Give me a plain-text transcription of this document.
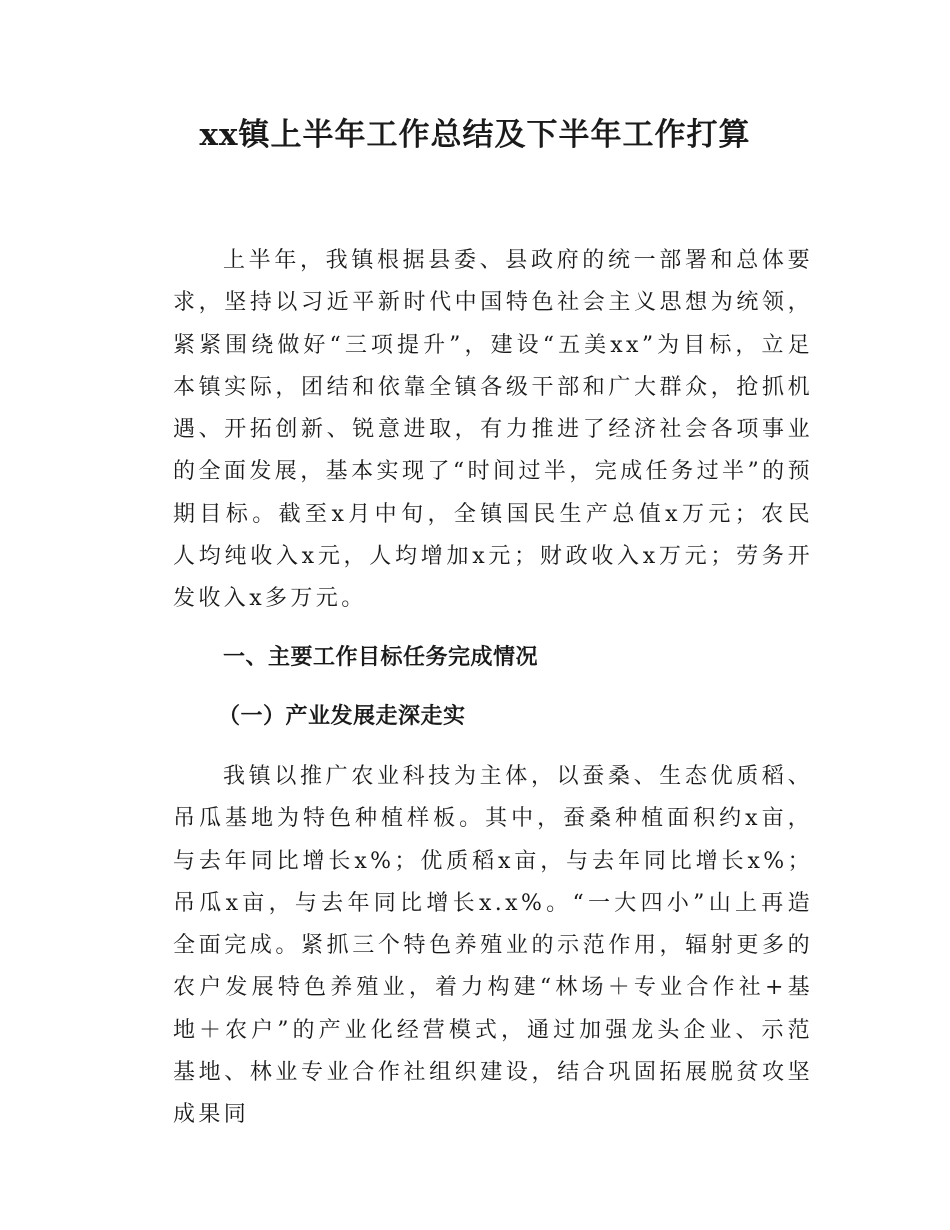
xx镇上半年工作总结及下半年工作打算

上半年，我镇根据县委、县政府的统一部署和总体要求，坚持以习近平新时代中国特色社会主义思想为统领，紧紧围绕做好“三项提升”，建设“五美xx”为目标，立足本镇实际，团结和依靠全镇各级干部和广大群众，抢抓机遇、开拓创新、锐意进取，有力推进了经济社会各项事业的全面发展，基本实现了“时间过半，完成任务过半”的预期目标。截至x月中旬，全镇国民生产总值x万元；农民人均纯收入x元，人均增加x元；财政收入x万元；劳务开发收入x多万元。

一、主要工作目标任务完成情况
（一）产业发展走深走实

我镇以推广农业科技为主体，以蚕桑、生态优质稻、吊瓜基地为特色种植样板。其中，蚕桑种植面积约x亩，与去年同比增长x%；优质稻x亩，与去年同比增长x%；吊瓜x亩，与去年同比增长x.x%。“一大四小”山上再造全面完成。紧抓三个特色养殖业的示范作用，辐射更多的农户发展特色养殖业，着力构建“林场＋专业合作社+基地＋农户”的产业化经营模式，通过加强龙头企业、示范基地、林业专业合作社组织建设，结合巩固拓展脱贫攻坚成果同
